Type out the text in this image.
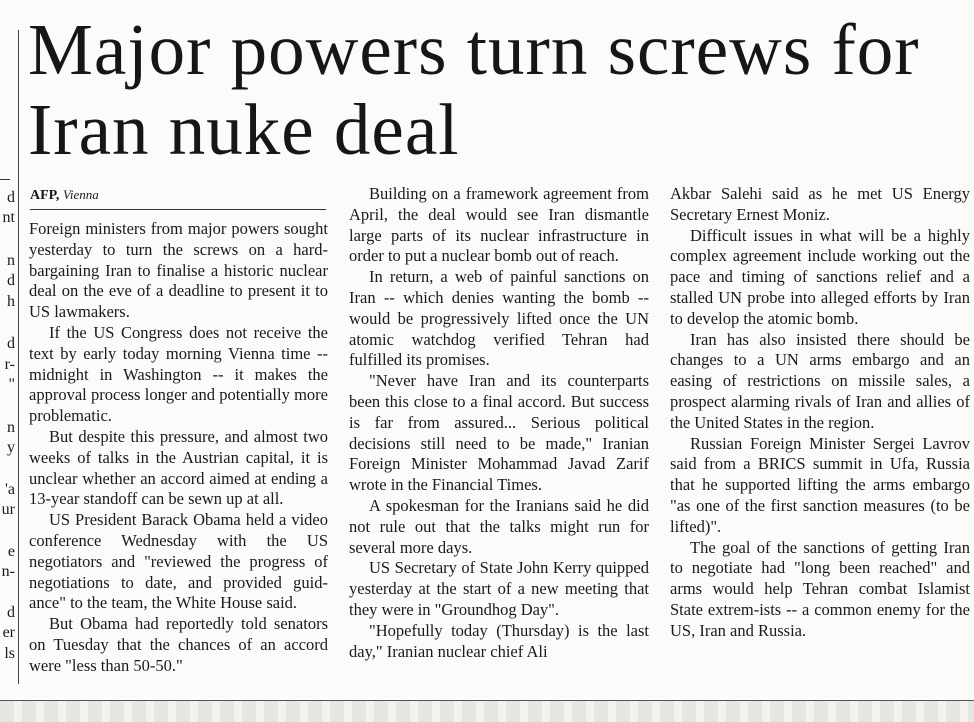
d
nt
n
d
h
d
r-
"
n
y
'a
ur
e
n-
d
er
ls
Major powers turn screws for Iran nuke deal
AFP, Vienna

Foreign ministers from major powers sought yesterday to turn the screws on a hard-bargaining Iran to finalise a historic nuclear deal on the eve of a deadline to present it to US lawmakers.

If the US Congress does not receive the text by early today morning Vienna time -- midnight in Washington -- it makes the approval process longer and potentially more problematic.

But despite this pressure, and almost two weeks of talks in the Austrian capital, it is unclear whether an accord aimed at ending a 13-year standoff can be sewn up at all.

US President Barack Obama held a video conference Wednesday with the US negotiators and "reviewed the progress of negotiations to date, and provided guid-ance" to the team, the White House said.

But Obama had reportedly told senators on Tuesday that the chances of an accord were "less than 50-50."

Building on a framework agreement from April, the deal would see Iran dismantle large parts of its nuclear infrastructure in order to put a nuclear bomb out of reach.

In return, a web of painful sanctions on Iran -- which denies wanting the bomb -- would be progressively lifted once the UN atomic watchdog verified Tehran had fulfilled its promises.

"Never have Iran and its counterparts been this close to a final accord. But success is far from assured... Serious political decisions still need to be made," Iranian Foreign Minister Mohammad Javad Zarif wrote in the Financial Times.

A spokesman for the Iranians said he did not rule out that the talks might run for several more days.

US Secretary of State John Kerry quipped yesterday at the start of a new meeting that they were in "Groundhog Day".

"Hopefully today (Thursday) is the last day," Iranian nuclear chief Ali

Akbar Salehi said as he met US Energy Secretary Ernest Moniz.

Difficult issues in what will be a highly complex agreement include working out the pace and timing of sanctions relief and a stalled UN probe into alleged efforts by Iran to develop the atomic bomb.

Iran has also insisted there should be changes to a UN arms embargo and an easing of restrictions on missile sales, a prospect alarming rivals of Iran and allies of the United States in the region.

Russian Foreign Minister Sergei Lavrov said from a BRICS summit in Ufa, Russia that he supported lifting the arms embargo "as one of the first sanction measures (to be lifted)".

The goal of the sanctions of getting Iran to negotiate had "long been reached" and arms would help Tehran combat Islamist State extrem-ists -- a common enemy for the US, Iran and Russia.
